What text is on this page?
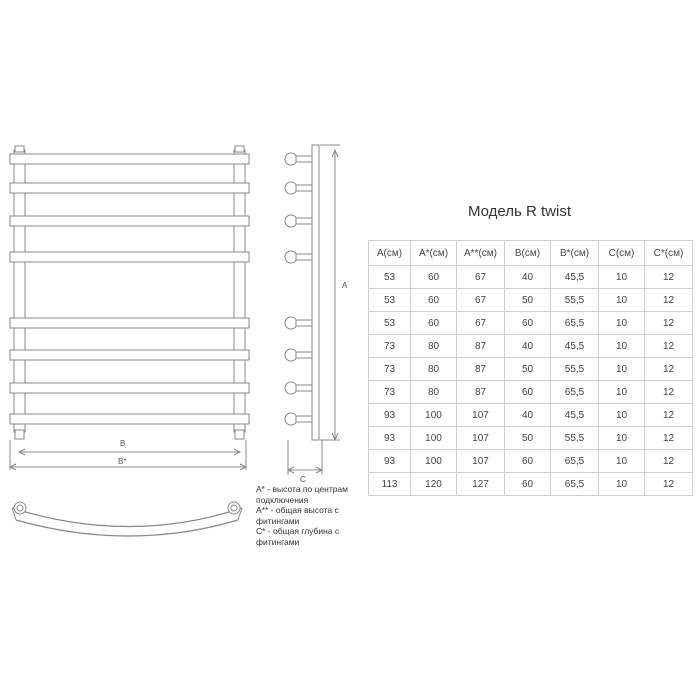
B
B*
A
C
Модель R twist
A(см)	A*(см)	A**(см)	B(см)	B*(см)	C(см)	C*(см)
53	60	67	40	45,5	10	12
53	60	67	50	55,5	10	12
53	60	67	60	65,5	10	12
73	80	87	40	45,5	10	12
73	80	87	50	55,5	10	12
73	80	87	60	65,5	10	12
93	100	107	40	45,5	10	12
93	100	107	50	55,5	10	12
93	100	107	60	65,5	10	12
113	120	127	60	65,5	10	12
A* - высота по центрам
подключения
A** - общая высота с
фитингами
C* - общая глубина с
фитингами
